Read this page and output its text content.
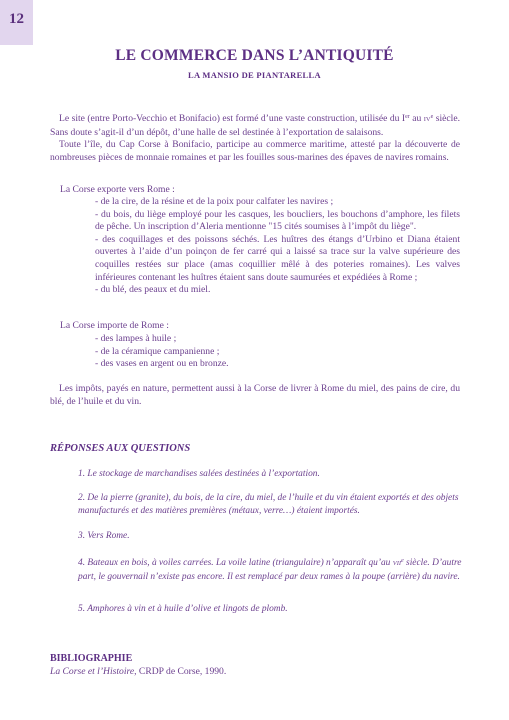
12
LE COMMERCE DANS L’ANTIQUITÉ
LA MANSIO DE PIANTARELLA

Le site (entre Porto-Vecchio et Bonifacio) est formé d’une vaste construction, utilisée du Ier au IVe siècle. Sans doute s’agit-il d’un dépôt, d’une halle de sel destinée à l’exportation de salaisons.

Toute l’île, du Cap Corse à Bonifacio, participe au commerce maritime, attesté par la découverte de nombreuses pièces de monnaie romaines et par les fouilles sous-marines des épaves de navires romains.

La Corse exporte vers Rome :
- de la cire, de la résine et de la poix pour calfater les navires ;
- du bois, du liège employé pour les casques, les boucliers, les bouchons d’amphore, les filets de pêche. Un inscription d’Aleria mentionne "15 cités soumises à l’impôt du liège".
- des coquillages et des poissons séchés. Les huîtres des étangs d’Urbino et Diana étaient ouvertes à l’aide d’un poinçon de fer carré qui a laissé sa trace sur la valve supérieure des coquilles restées sur place (amas coquillier mêlé à des poteries romaines). Les valves inférieures contenant les huîtres étaient sans doute saumurées et expédiées à Rome ;
- du blé, des peaux et du miel.
La Corse importe de Rome :
- des lampes à huile ;
- de la céramique campanienne ;
- des vases en argent ou en bronze.

Les impôts, payés en nature, permettent aussi à la Corse de livrer à Rome du miel, des pains de cire, du blé, de l’huile et du vin.

RÉPONSES AUX QUESTIONS
1. Le stockage de marchandises salées destinées à l’exportation.
2. De la pierre (granite), du bois, de la cire, du miel, de l’huile et du vin étaient exportés et des objets manufacturés et des matières premières (métaux, verre…) étaient importés.
3. Vers Rome.
4. Bateaux en bois, à voiles carrées. La voile latine (triangulaire) n’apparaît qu’au VIIe siècle. D’autre part, le gouvernail n’existe pas encore. Il est remplacé par deux rames à la poupe (arrière) du navire.
5. Amphores à vin et à huile d’olive et lingots de plomb.
BIBLIOGRAPHIE
La Corse et l’Histoire, CRDP de Corse, 1990.
